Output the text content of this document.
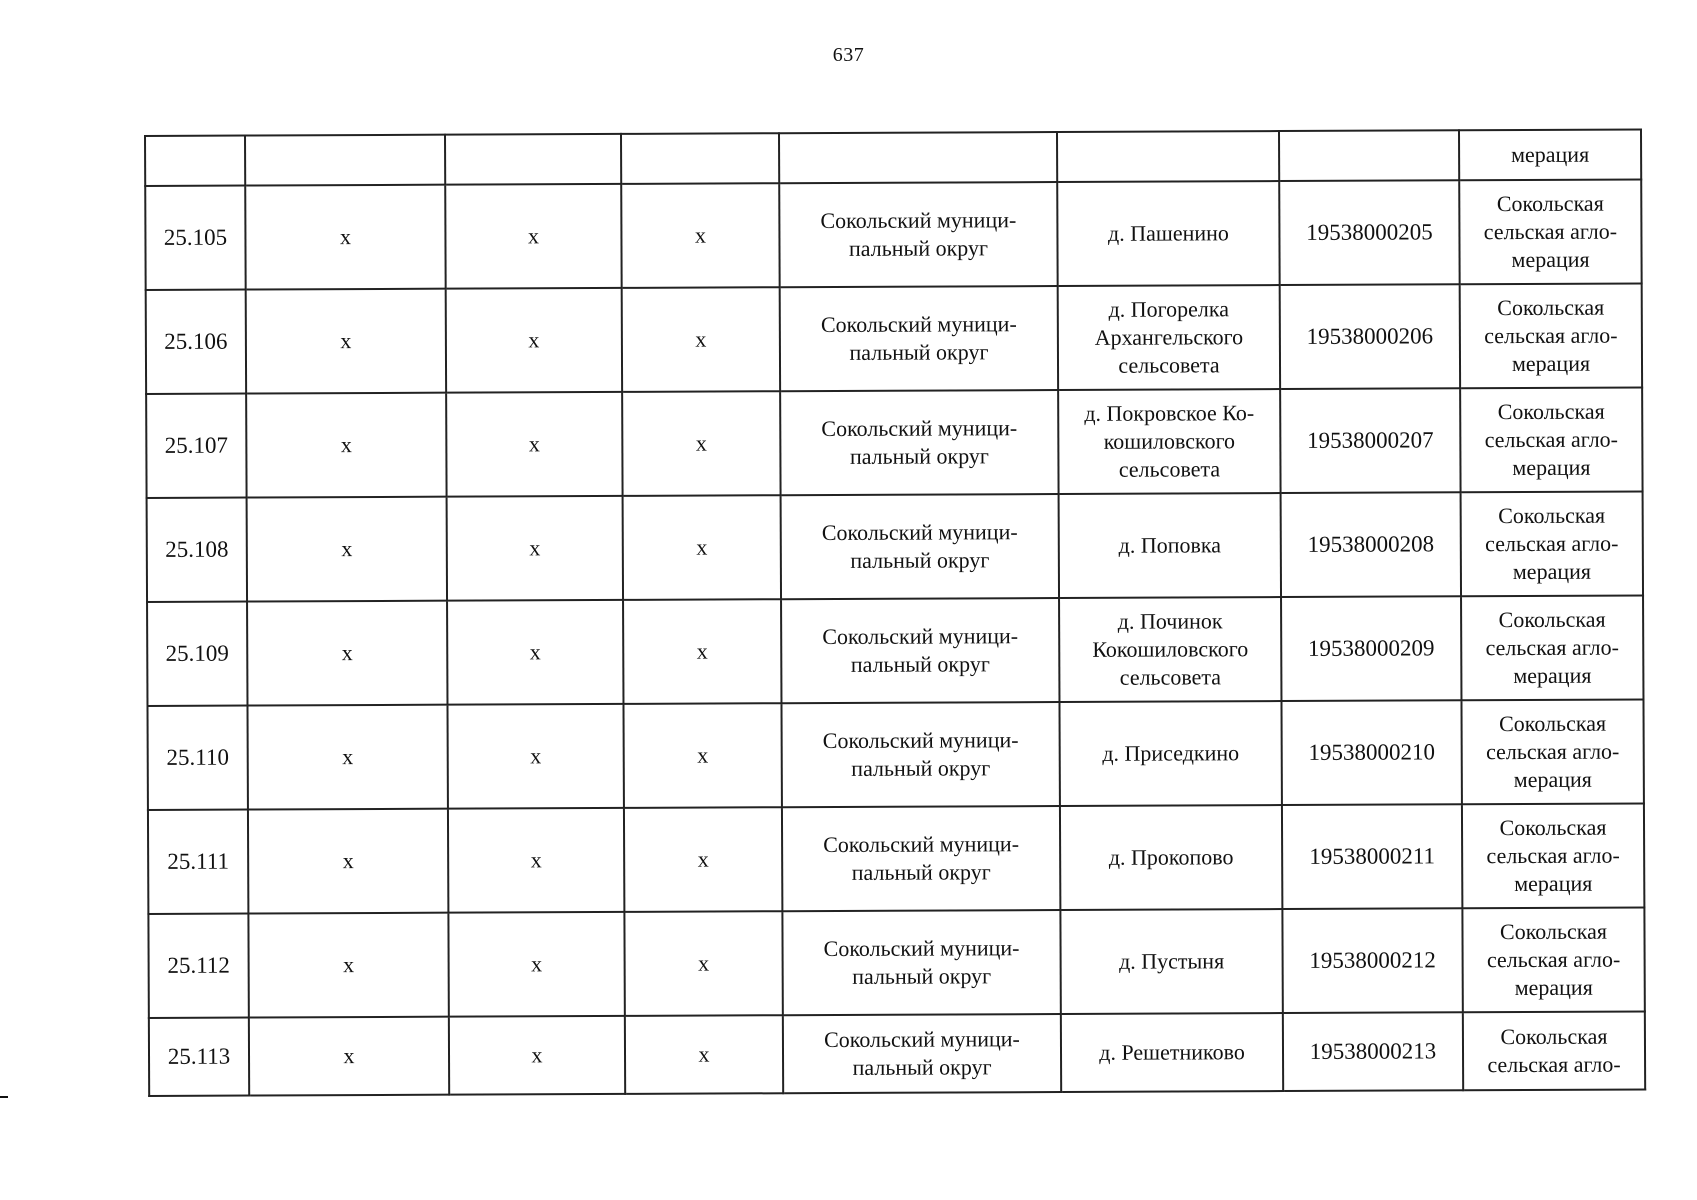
637

							мерация

25.105	x	x	x	Сокольский муници-
пальный округ	д. Пашенино	19538000205	Сокольская
сельская агло-
мерация

25.106	x	x	x	Сокольский муници-
пальный округ	д. Погорелка
Архангельского
сельсовета	19538000206	Сокольская
сельская агло-
мерация

25.107	x	x	x	Сокольский муници-
пальный округ	д. Покровское Ко-
кошиловского
сельсовета	19538000207	Сокольская
сельская агло-
мерация

25.108	x	x	x	Сокольский муници-
пальный округ	д. Поповка	19538000208	Сокольская
сельская агло-
мерация

25.109	x	x	x	Сокольский муници-
пальный округ	д. Починок
Кокошиловского
сельсовета	19538000209	Сокольская
сельская агло-
мерация

25.110	x	x	x	Сокольский муници-
пальный округ	д. Приседкино	19538000210	Сокольская
сельская агло-
мерация

25.111	x	x	x	Сокольский муници-
пальный округ	д. Прокопово	19538000211	Сокольская
сельская агло-
мерация

25.112	x	x	x	Сокольский муници-
пальный округ	д. Пустыня	19538000212	Сокольская
сельская агло-
мерация

25.113	x	x	x	Сокольский муници-
пальный округ	д. Решетниково	19538000213	Сокольская
сельская агло-
